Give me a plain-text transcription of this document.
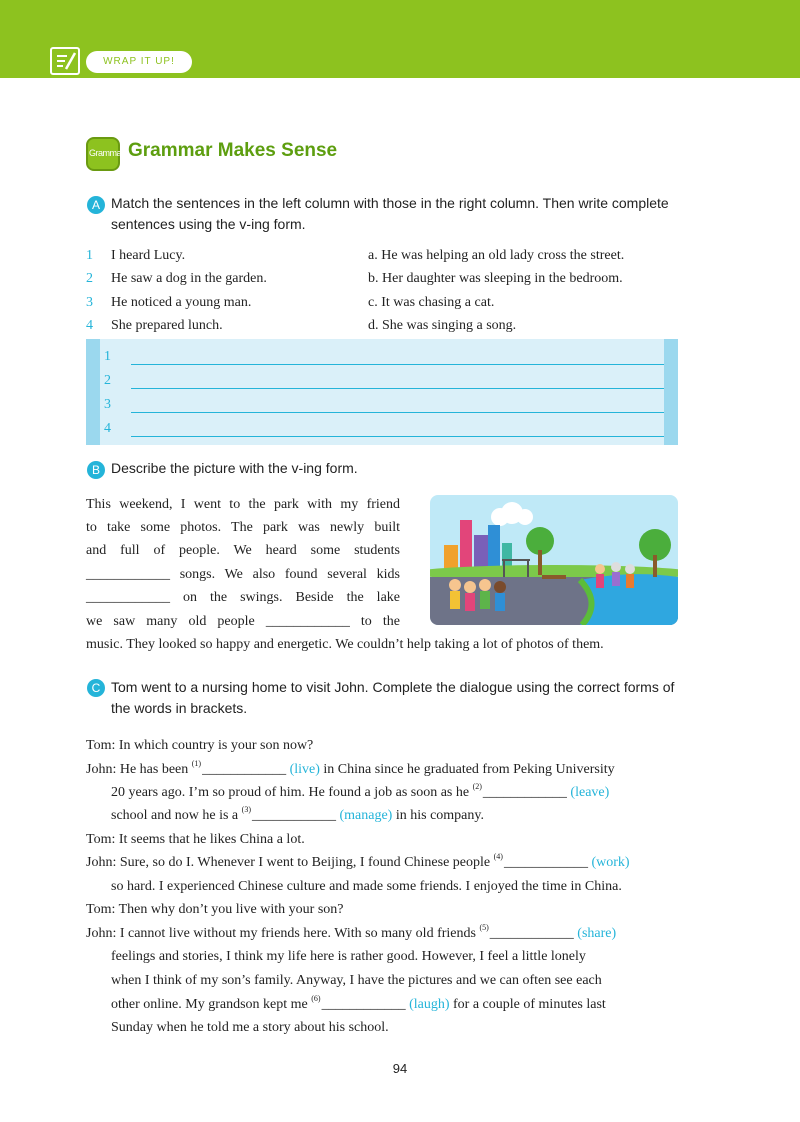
WRAP IT UP!
Grammar Grammar Makes Sense
A Match the sentences in the left column with those in the right column. Then write complete sentences using the v-ing form.
1 I heard Lucy.	a. He was helping an old lady cross the street.
2 He saw a dog in the garden.	b. Her daughter was sleeping in the bedroom.
3 He noticed a young man.	c. It was chasing a cat.
4 She prepared lunch.	d. She was singing a song.
1
2
3
4
B Describe the picture with the v-ing form.
This weekend, I went to the park with my friend
to take some photos. The park was newly built
and full of people. We heard some students
____________ songs. We also found several kids
____________ on the swings. Beside the lake
we saw many old people ____________ to the
music. They looked so happy and energetic. We couldn’t help taking a lot of photos of them.
C Tom went to a nursing home to visit John. Complete the dialogue using the correct forms of the words in brackets.
Tom: In which country is your son now?
John: He has been $^{(1)}$____________ (live) in China since he graduated from Peking University
20 years ago. I’m so proud of him. He found a job as soon as he $^{(2)}$____________ (leave)
school and now he is a $^{(3)}$____________ (manage) in his company.
Tom: It seems that he likes China a lot.
John: Sure, so do I. Whenever I went to Beijing, I found Chinese people $^{(4)}$____________ (work)
so hard. I experienced Chinese culture and made some friends. I enjoyed the time in China.
Tom: Then why don’t you live with your son?
John: I cannot live without my friends here. With so many old friends $^{(5)}$____________ (share)
feelings and stories, I think my life here is rather good. However, I feel a little lonely
when I think of my son’s family. Anyway, I have the pictures and we can often see each
other online. My grandson kept me $^{(6)}$____________ (laugh) for a couple of minutes last
Sunday when he told me a story about his school.
94
